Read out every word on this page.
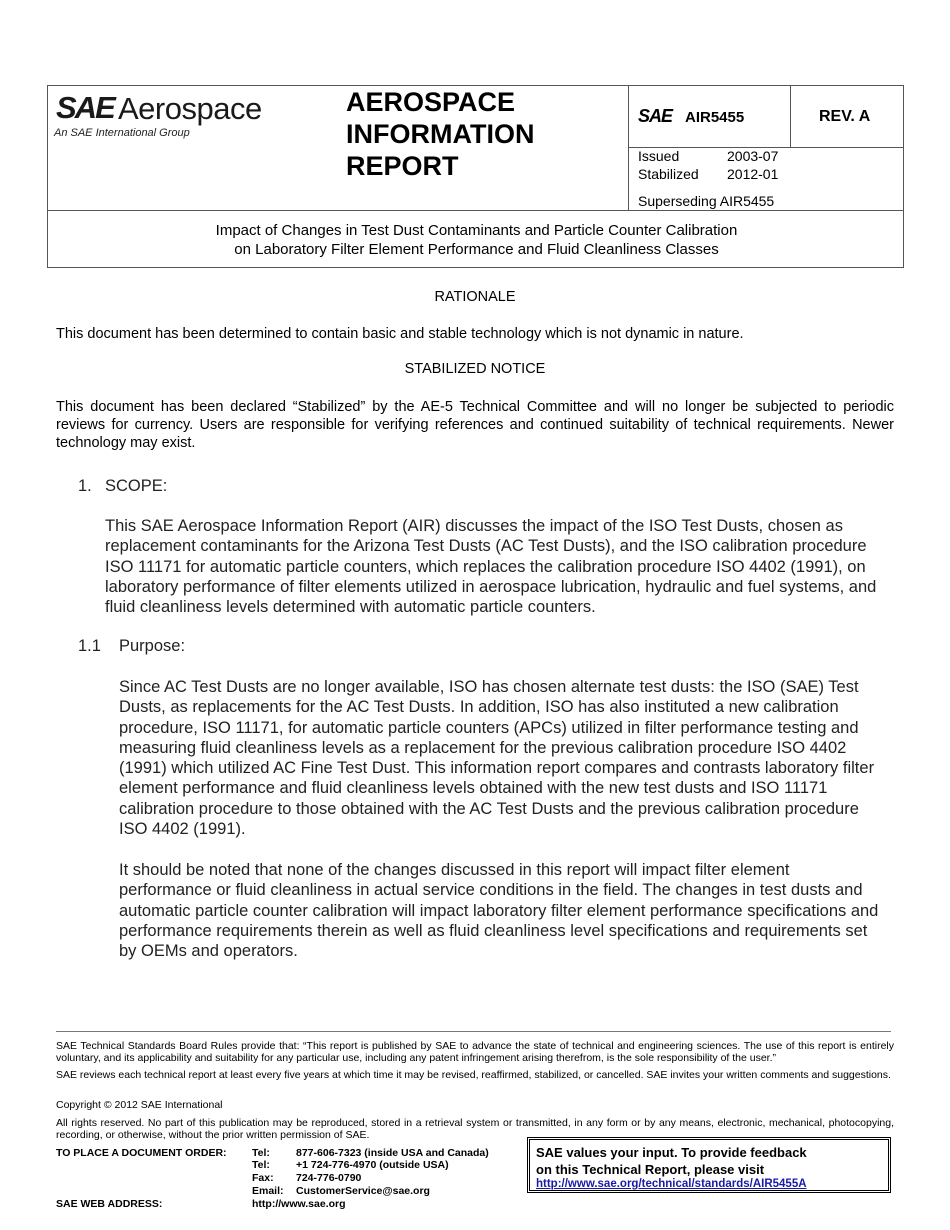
SAE Aerospace
An SAE International Group
AEROSPACE
INFORMATION
REPORT
SAE AIR5455	REV. A
Issued	2003-07
Stabilized 2012-01
Superseding AIR5455
Impact of Changes in Test Dust Contaminants and Particle Counter Calibration
on Laboratory Filter Element Performance and Fluid Cleanliness Classes
RATIONALE
This document has been determined to contain basic and stable technology which is not dynamic in nature.
STABILIZED NOTICE
This document has been declared “Stabilized” by the AE-5 Technical Committee and will no longer be subjected to periodic reviews for currency. Users are responsible for verifying references and continued suitability of technical requirements. Newer technology may exist.
1. SCOPE:
This SAE Aerospace Information Report (AIR) discusses the impact of the ISO Test Dusts, chosen as replacement contaminants for the Arizona Test Dusts (AC Test Dusts), and the ISO calibration procedure ISO 11171 for automatic particle counters, which replaces the calibration procedure ISO 4402 (1991), on laboratory performance of filter elements utilized in aerospace lubrication, hydraulic and fuel systems, and fluid cleanliness levels determined with automatic particle counters.
1.1 Purpose:
Since AC Test Dusts are no longer available, ISO has chosen alternate test dusts: the ISO (SAE) Test Dusts, as replacements for the AC Test Dusts. In addition, ISO has also instituted a new calibration procedure, ISO 11171, for automatic particle counters (APCs) utilized in filter performance testing and measuring fluid cleanliness levels as a replacement for the previous calibration procedure ISO 4402 (1991) which utilized AC Fine Test Dust. This information report compares and contrasts laboratory filter element performance and fluid cleanliness levels obtained with the new test dusts and ISO 11171 calibration procedure to those obtained with the AC Test Dusts and the previous calibration procedure ISO 4402 (1991).
It should be noted that none of the changes discussed in this report will impact filter element performance or fluid cleanliness in actual service conditions in the field. The changes in test dusts and automatic particle counter calibration will impact laboratory filter element performance specifications and performance requirements therein as well as fluid cleanliness level specifications and requirements set by OEMs and operators.
SAE Technical Standards Board Rules provide that: “This report is published by SAE to advance the state of technical and engineering sciences. The use of this report is entirely voluntary, and its applicability and suitability for any particular use, including any patent infringement arising therefrom, is the sole responsibility of the user.”
SAE reviews each technical report at least every five years at which time it may be revised, reaffirmed, stabilized, or cancelled. SAE invites your written comments and suggestions.
Copyright © 2012 SAE International
All rights reserved. No part of this publication may be reproduced, stored in a retrieval system or transmitted, in any form or by any means, electronic, mechanical, photocopying, recording, or otherwise, without the prior written permission of SAE.
TO PLACE A DOCUMENT ORDER: Tel: 877-606-7323 (inside USA and Canada)
Tel: +1 724-776-4970 (outside USA)
Fax: 724-776-0790
Email: CustomerService@sae.org
SAE WEB ADDRESS:	http://www.sae.org
SAE values your input. To provide feedback
on this Technical Report, please visit
http://www.sae.org/technical/standards/AIR5455A
